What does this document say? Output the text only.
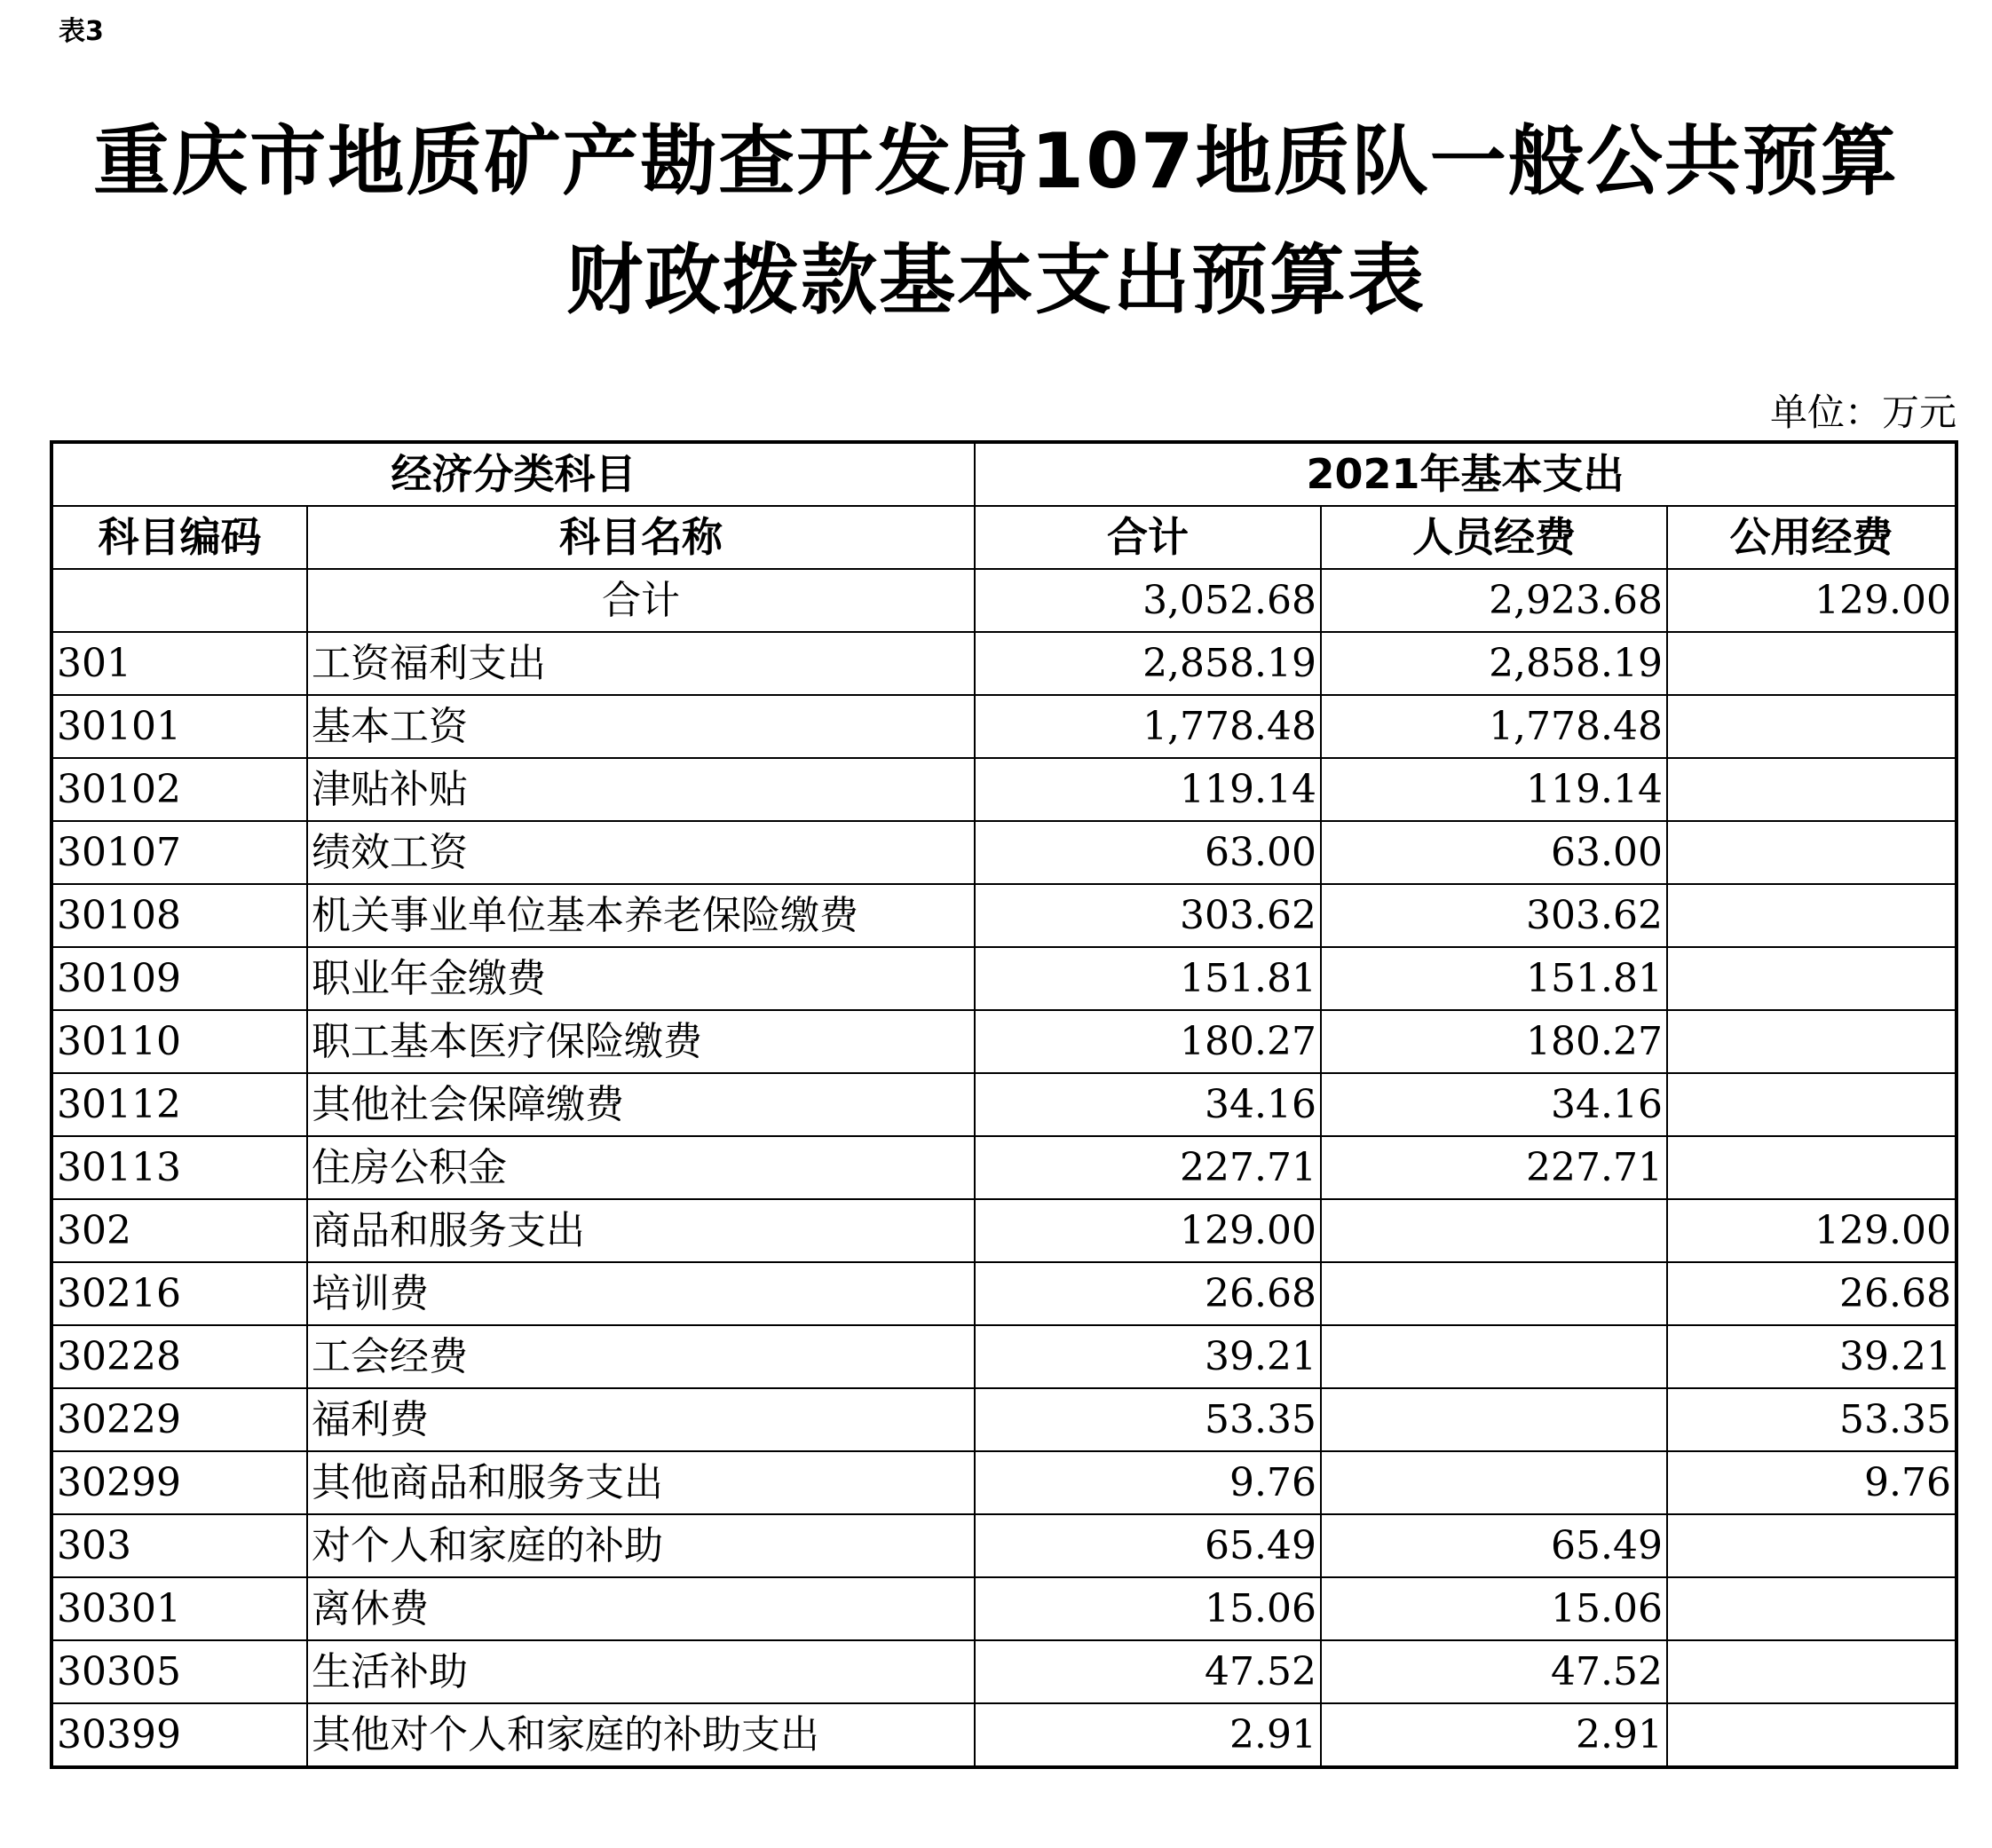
表3
重庆市地质矿产勘查开发局107地质队一般公共预算
财政拨款基本支出预算表
单位：万元
经济分类科目		2021年基本支出		
科目编码	科目名称	合计	人员经费	公用经费
	合计	3,052.68	2,923.68	129.00
301	工资福利支出	2,858.19	2,858.19	
30101	基本工资	1,778.48	1,778.48	
30102	津贴补贴	119.14	119.14	
30107	绩效工资	63.00	63.00	
30108	机关事业单位基本养老保险缴费	303.62	303.62	
30109	职业年金缴费	151.81	151.81	
30110	职工基本医疗保险缴费	180.27	180.27	
30112	其他社会保障缴费	34.16	34.16	
30113	住房公积金	227.71	227.71	
302	商品和服务支出	129.00		129.00
30216	培训费	26.68		26.68
30228	工会经费	39.21		39.21
30229	福利费	53.35		53.35
30299	其他商品和服务支出	9.76		9.76
303	对个人和家庭的补助	65.49	65.49	
30301	离休费	15.06	15.06	
30305	生活补助	47.52	47.52	
30399	其他对个人和家庭的补助支出	2.91	2.91	
